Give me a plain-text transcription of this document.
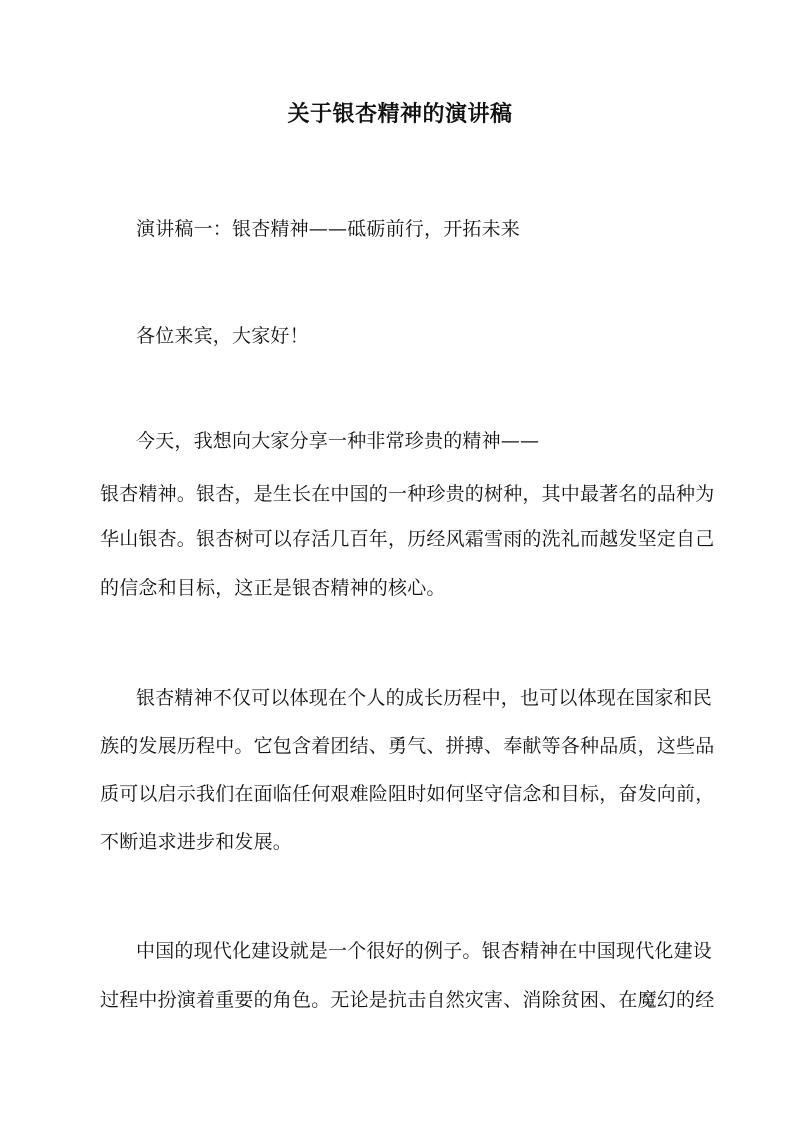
关于银杏精神的演讲稿
演讲稿一：银杏精神——砥砺前行，开拓未来
各位来宾，大家好！
今天，我想向大家分享一种非常珍贵的精神——
银杏精神。银杏，是生长在中国的一种珍贵的树种，其中最著名的品种为
华山银杏。银杏树可以存活几百年，历经风霜雪雨的洗礼而越发坚定自己
的信念和目标，这正是银杏精神的核心。
银杏精神不仅可以体现在个人的成长历程中，也可以体现在国家和民
族的发展历程中。它包含着团结、勇气、拼搏、奉献等各种品质，这些品
质可以启示我们在面临任何艰难险阻时如何坚守信念和目标，奋发向前，
不断追求进步和发展。
中国的现代化建设就是一个很好的例子。银杏精神在中国现代化建设
过程中扮演着重要的角色。无论是抗击自然灾害、消除贫困、在魔幻的经
